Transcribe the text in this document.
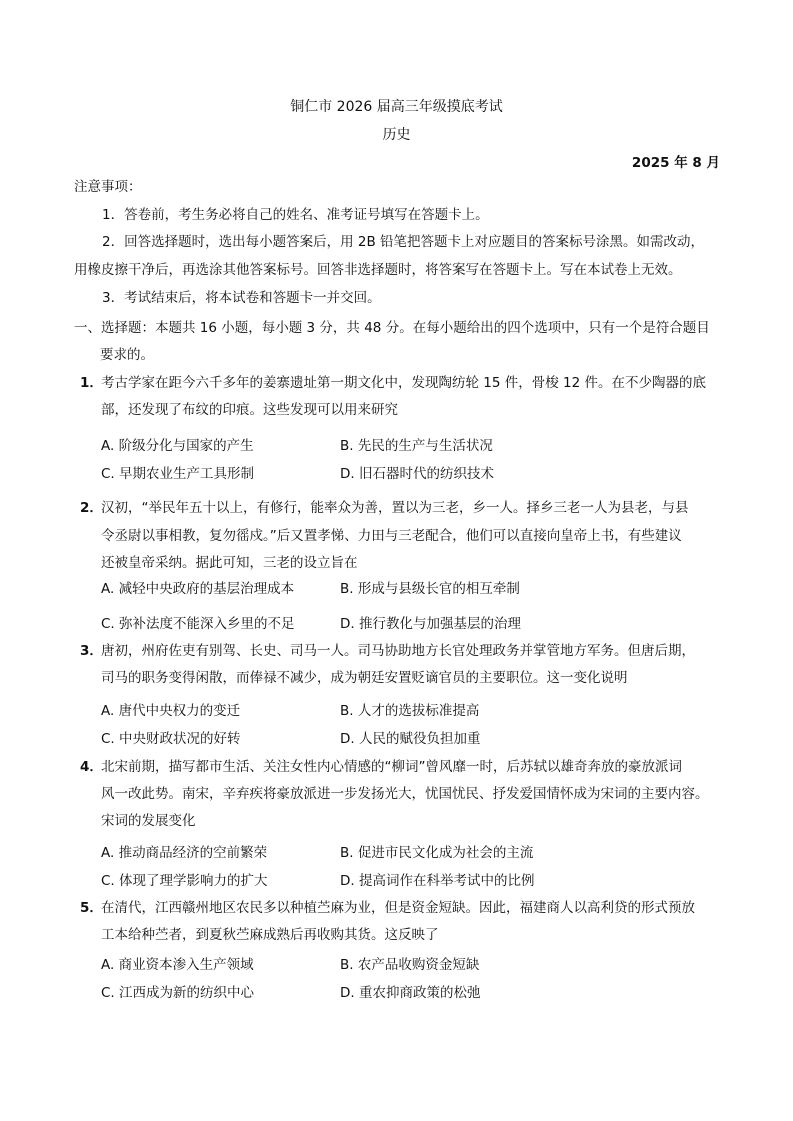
铜仁市 2026 届高三年级摸底考试
历史
2025 年 8 月
注意事项：
1．答卷前，考生务必将自己的姓名、准考证号填写在答题卡上。
2．回答选择题时，选出每小题答案后，用 2B 铅笔把答题卡上对应题目的答案标号涂黑。如需改动，
用橡皮擦干净后，再选涂其他答案标号。回答非选择题时，将答案写在答题卡上。写在本试卷上无效。
3．考试结束后，将本试卷和答题卡一并交回。
一、选择题：本题共 16 小题，每小题 3 分，共 48 分。在每小题给出的四个选项中，只有一个是符合题目
要求的。
1．
考古学家在距今六千多年的姜寨遗址第一期文化中，发现陶纺轮 15 件，骨梭 12 件。在不少陶器的底
部，还发现了布纹的印痕。这些发现可以用来研究
A. 阶级分化与国家的产生	B. 先民的生产与生活状况
C. 早期农业生产工具形制	D. 旧石器时代的纺织技术
2．
汉初，“举民年五十以上，有修行，能率众为善，置以为三老，乡一人。择乡三老一人为县老，与县
令丞尉以事相教，复勿徭戍。”后又置孝悌、力田与三老配合，他们可以直接向皇帝上书，有些建议
还被皇帝采纳。据此可知，三老的设立旨在
A. 减轻中央政府的基层治理成本	B. 形成与县级长官的相互牵制
C. 弥补法度不能深入乡里的不足	D. 推行教化与加强基层的治理
3．
唐初，州府佐吏有别驾、长史、司马一人。司马协助地方长官处理政务并掌管地方军务。但唐后期，
司马的职务变得闲散，而俸禄不减少，成为朝廷安置贬谪官员的主要职位。这一变化说明
A. 唐代中央权力的变迁	B. 人才的选拔标准提高
C. 中央财政状况的好转	D. 人民的赋役负担加重
4．
北宋前期，描写都市生活、关注女性内心情感的“柳词”曾风靡一时，后苏轼以雄奇奔放的豪放派词
风一改此势。南宋，辛弃疾将豪放派进一步发扬光大，忧国忧民、抒发爱国情怀成为宋词的主要内容。
宋词的发展变化
A. 推动商品经济的空前繁荣	B. 促进市民文化成为社会的主流
C. 体现了理学影响力的扩大	D. 提高词作在科举考试中的比例
5．
在清代，江西赣州地区农民多以种植苎麻为业，但是资金短缺。因此，福建商人以高利贷的形式预放
工本给种苎者，到夏秋苎麻成熟后再收购其货。这反映了
A. 商业资本渗入生产领域	B. 农产品收购资金短缺
C. 江西成为新的纺织中心	D. 重农抑商政策的松弛
